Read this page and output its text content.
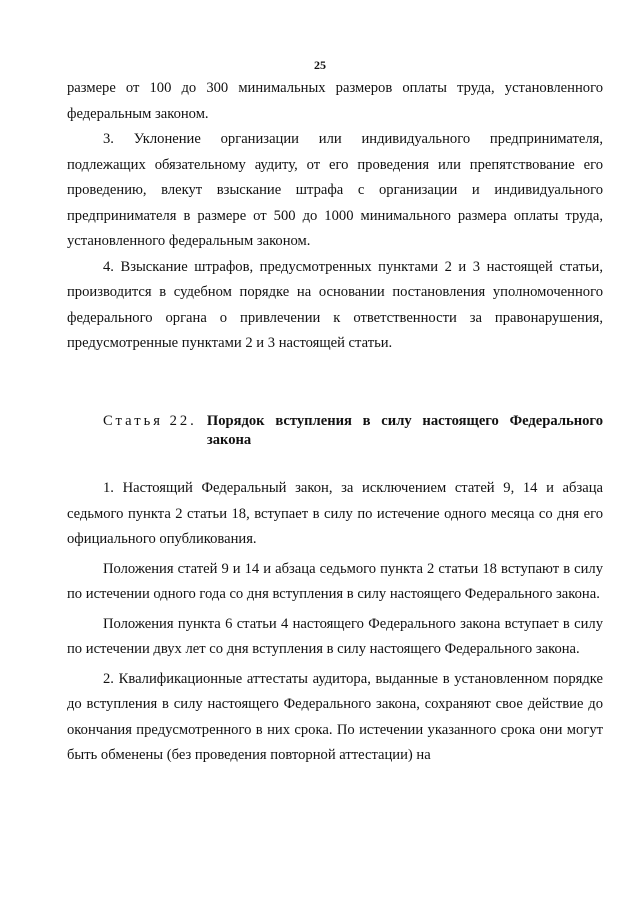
25

размере от 100 до 300 минимальных размеров оплаты труда, установленного федеральным законом.

3. Уклонение организации или индивидуального предпринимателя, подлежащих обязательному аудиту, от его проведения или препятствование его проведению, влекут взыскание штрафа с организации и индивидуального предпринимателя в размере от 500 до 1000 минимального размера оплаты труда, установленного федеральным законом.

4. Взыскание штрафов, предусмотренных пунктами 2 и 3 настоящей статьи, производится в судебном порядке на основании постановления уполномоченного федерального органа о привлечении к ответственности за правонарушения, предусмотренные пунктами 2 и 3 настоящей статьи.

Статья 22. Порядок вступления в силу настоящего Федерального закона

1. Настоящий Федеральный закон, за исключением статей 9, 14 и абзаца седьмого пункта 2 статьи 18, вступает в силу по истечение одного месяца со дня его официального опубликования.

Положения статей 9 и 14 и абзаца седьмого пункта 2 статьи 18 вступают в силу по истечении одного года со дня вступления в силу настоящего Федерального закона.

Положения пункта 6 статьи 4 настоящего Федерального закона вступает в силу по истечении двух лет со дня вступления в силу настоящего Федерального закона.

2. Квалификационные аттестаты аудитора, выданные в установленном порядке до вступления в силу настоящего Федерального закона, сохраняют свое действие до окончания предусмотренного в них срока. По истечении указанного срока они могут быть обменены (без проведения повторной аттестации) на
